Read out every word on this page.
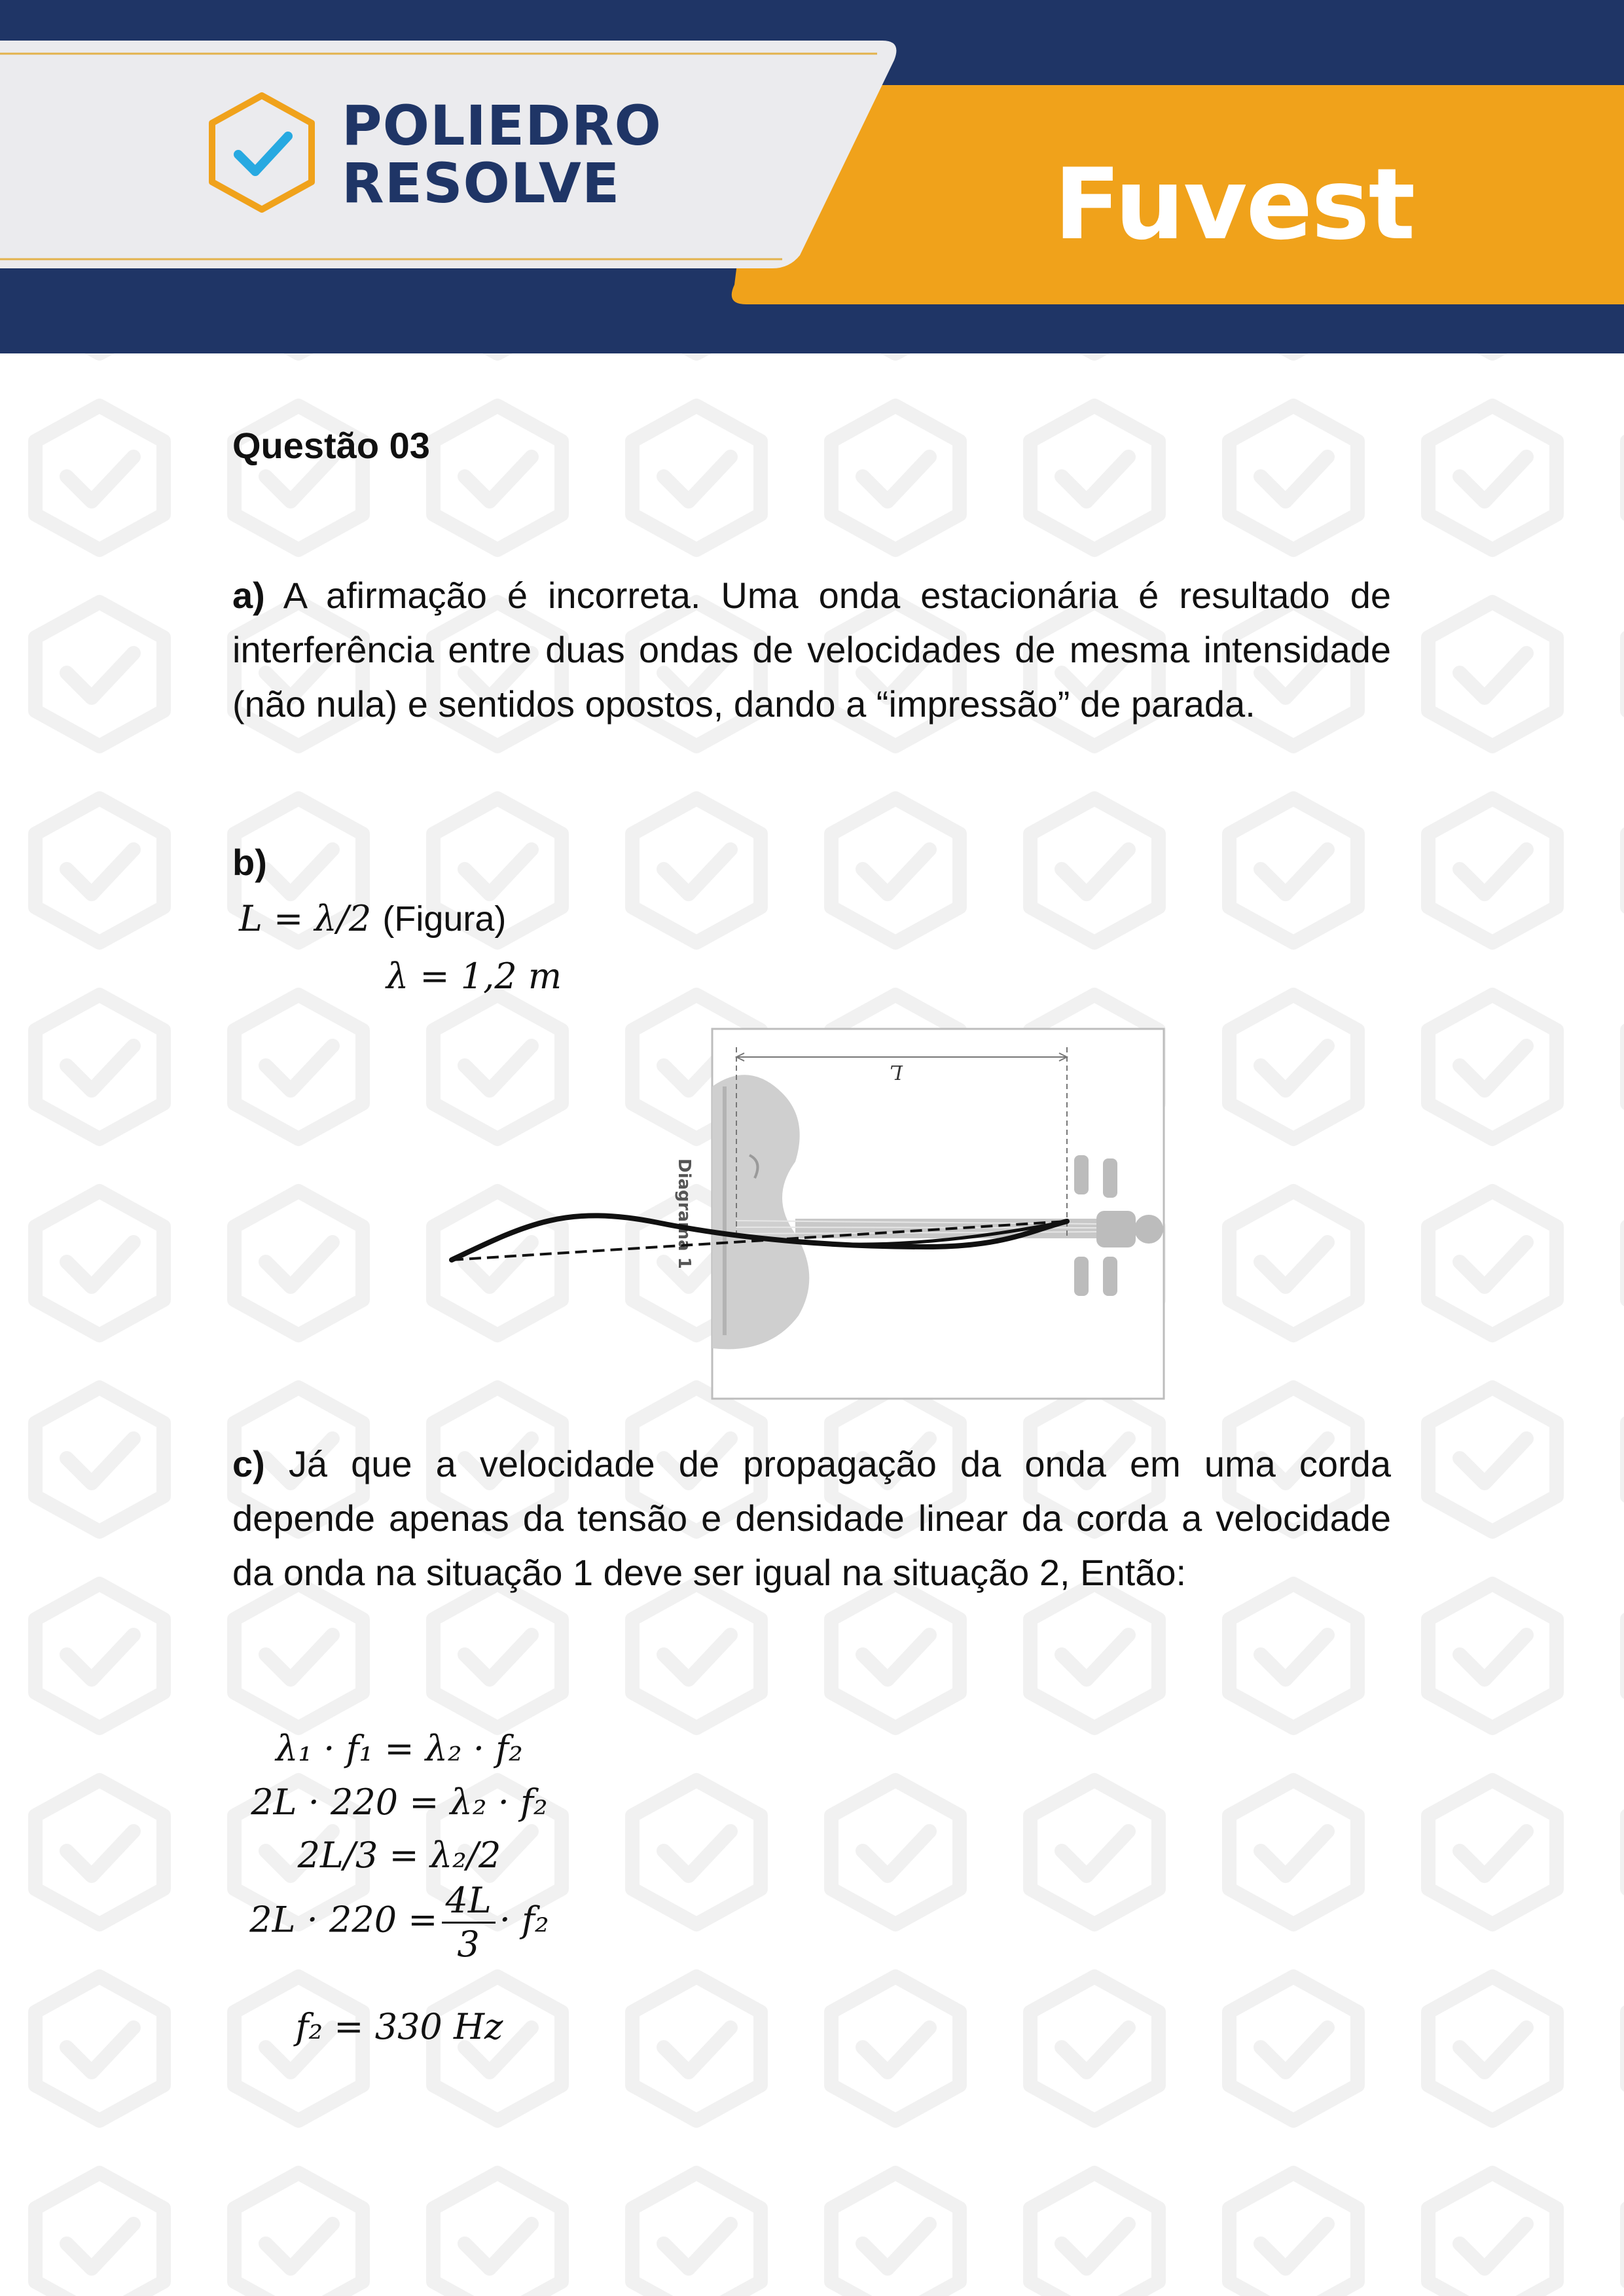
POLIEDRO
RESOLVE	Fuvest
Questão 03
a) A afirmação é incorreta. Uma onda estacionária é resultado de interferência entre duas ondas de velocidades de mesma intensidade (não nula) e sentidos opostos, dando a “impressão” de parada.
b)
L = λ/2 (Figura)
λ = 1,2 m
L
Diagrama 1
c) Já que a velocidade de propagação da onda em uma corda depende apenas da tensão e densidade linear da corda a velocidade da onda na situação 1 deve ser igual na situação 2, Então:
λ₁ · f₁ = λ₂ · f₂
2L · 220 = λ₂ · f₂
2L/3 = λ₂/2
$2L \cdot 220 = \frac{4L}{3} \cdot f_2$
f₂ = 330 Hz
